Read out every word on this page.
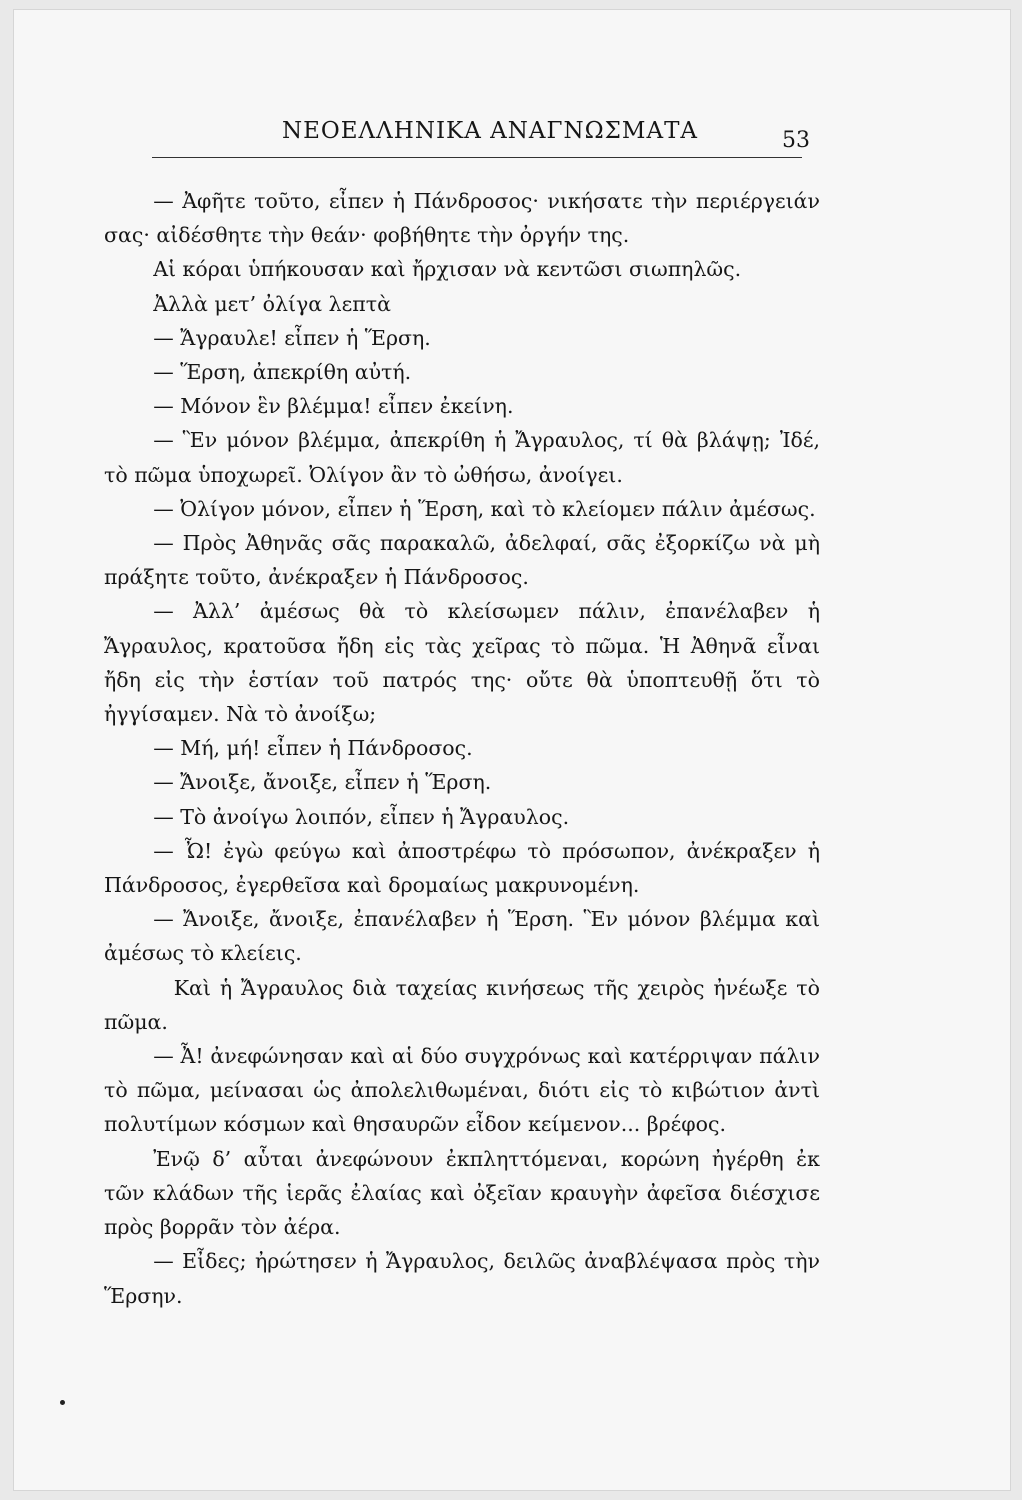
ΝΕΟΕΛΛΗΝΙΚΑ ΑΝΑΓΝΩΣΜΑΤΑ	53

— Ἀφῆτε τοῦτο, εἶπεν ἡ Πάνδροσος· νικήσατε τὴν περιέργειάν σας· αἰδέσθητε τὴν θεάν· φοβήθητε τὴν ὀργήν της.

Αἱ κόραι ὑπήκουσαν καὶ ἤρχισαν νὰ κεντῶσι σιωπηλῶς.

Ἀλλὰ μετ’ ὀλίγα λεπτὰ

— Ἄγραυλε! εἶπεν ἡ Ἕρση.

— Ἕρση, ἀπεκρίθη αὐτή.

— Μόνον ἓν βλέμμα! εἶπεν ἐκείνη.

— Ἓν μόνον βλέμμα, ἀπεκρίθη ἡ Ἄγραυλος, τί θὰ βλάψῃ; Ἰδέ, τὸ πῶμα ὑποχωρεῖ. Ὀλίγον ἂν τὸ ὠθήσω, ἀνοίγει.

— Ὀλίγον μόνον, εἶπεν ἡ Ἕρση, καὶ τὸ κλείομεν πάλιν ἀμέσως.

— Πρὸς Ἀθηνᾶς σᾶς παρακαλῶ, ἀδελφαί, σᾶς ἐξορκίζω νὰ μὴ πράξητε τοῦτο, ἀνέκραξεν ἡ Πάνδροσος.

— Ἀλλ’ ἀμέσως θὰ τὸ κλείσωμεν πάλιν, ἐπανέλαβεν ἡ Ἄγραυλος, κρατοῦσα ἤδη εἰς τὰς χεῖρας τὸ πῶμα. Ἡ Ἀθηνᾶ εἶναι ἤδη εἰς τὴν ἑστίαν τοῦ πατρός της· οὔτε θὰ ὑποπτευθῇ ὅτι τὸ ἠγγίσαμεν. Νὰ τὸ ἀνοίξω;

— Μή, μή! εἶπεν ἡ Πάνδροσος.

— Ἄνοιξε, ἄνοιξε, εἶπεν ἡ Ἕρση.

— Τὸ ἀνοίγω λοιπόν, εἶπεν ἡ Ἄγραυλος.

— Ὦ! ἐγὼ φεύγω καὶ ἀποστρέφω τὸ πρόσωπον, ἀνέκραξεν ἡ Πάνδροσος, ἐγερθεῖσα καὶ δρομαίως μακρυνομένη.

— Ἄνοιξε, ἄνοιξε, ἐπανέλαβεν ἡ Ἕρση. Ἓν μόνον βλέμμα καὶ ἀμέσως τὸ κλείεις.

Καὶ ἡ Ἄγραυλος διὰ ταχείας κινήσεως τῆς χειρὸς ἠνέωξε τὸ πῶμα.

— Ἆ! ἀνεφώνησαν καὶ αἱ δύο συγχρόνως καὶ κατέρριψαν πάλιν τὸ πῶμα, μείνασαι ὡς ἀπολελιθωμέναι, διότι εἰς τὸ κιβώτιον ἀντὶ πολυτίμων κόσμων καὶ θησαυρῶν εἶδον κείμενον... βρέφος.

Ἐνῷ δ’ αὗται ἀνεφώνουν ἐκπληττόμεναι, κορώνη ἠγέρθη ἐκ τῶν κλάδων τῆς ἱερᾶς ἐλαίας καὶ ὀξεῖαν κραυγὴν ἀφεῖσα διέσχισε πρὸς βορρᾶν τὸν ἀέρα.

— Εἶδες; ἠρώτησεν ἡ Ἄγραυλος, δειλῶς ἀναβλέψασα πρὸς τὴν Ἕρσην.
